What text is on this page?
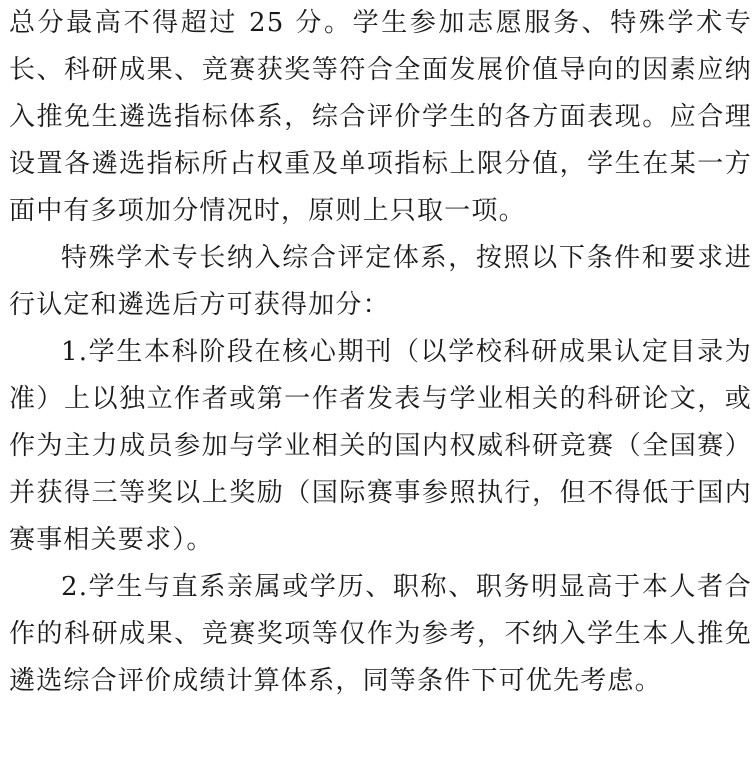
总分最高不得超过 25 分。学生参加志愿服务、特殊学术专长、科研成果、竞赛获奖等符合全面发展价值导向的因素应纳入推免生遴选指标体系，综合评价学生的各方面表现。应合理设置各遴选指标所占权重及单项指标上限分值，学生在某一方面中有多项加分情况时，原则上只取一项。

特殊学术专长纳入综合评定体系，按照以下条件和要求进行认定和遴选后方可获得加分：

1.学生本科阶段在核心期刊（以学校科研成果认定目录为准）上以独立作者或第一作者发表与学业相关的科研论文，或作为主力成员参加与学业相关的国内权威科研竞赛（全国赛）并获得三等奖以上奖励（国际赛事参照执行，但不得低于国内赛事相关要求）。

2.学生与直系亲属或学历、职称、职务明显高于本人者合作的科研成果、竞赛奖项等仅作为参考，不纳入学生本人推免遴选综合评价成绩计算体系，同等条件下可优先考虑。
